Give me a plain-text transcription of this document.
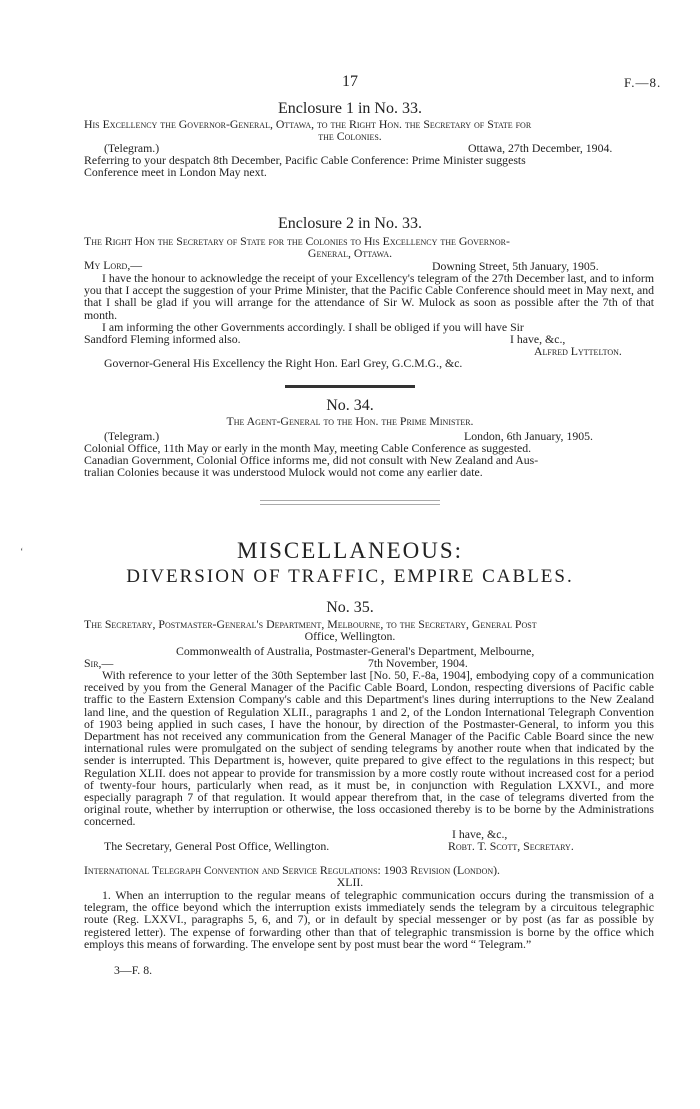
17	F.—8.
Enclosure 1 in No. 33.
His Excellency the Governor-General, Ottawa, to the Right Hon. the Secretary of State for
the Colonies.
(Telegram.)	Ottawa, 27th December, 1904.
Referring to your despatch 8th December, Pacific Cable Conference: Prime Minister suggests
Conference meet in London May next.
Enclosure 2 in No. 33.
The Right Hon the Secretary of State for the Colonies to His Excellency the Governor-
General, Ottawa.
My Lord,—	Downing Street, 5th January, 1905.
I have the honour to acknowledge the receipt of your Excellency's telegram of the 27th December last, and to inform you that I accept the suggestion of your Prime Minister, that the Pacific Cable Conference should meet in May next, and that I shall be glad if you will arrange for the attendance of Sir W. Mulock as soon as possible after the 7th of that month.
I am informing the other Governments accordingly. I shall be obliged if you will have Sir
Sandford Fleming informed also.	I have, &c.,
Alfred Lyttelton.
Governor-General His Excellency the Right Hon. Earl Grey, G.C.M.G., &c.
No. 34.
The Agent-General to the Hon. the Prime Minister.
(Telegram.)	London, 6th January, 1905.
Colonial Office, 11th May or early in the month May, meeting Cable Conference as suggested.
Canadian Government, Colonial Office informs me, did not consult with New Zealand and Aus-
tralian Colonies because it was understood Mulock would not come any earlier date.
‘	MISCELLANEOUS:
DIVERSION OF TRAFFIC, EMPIRE CABLES.
No. 35.
The Secretary, Postmaster-General's Department, Melbourne, to the Secretary, General Post
Office, Wellington.
Commonwealth of Australia, Postmaster-General's Department, Melbourne,
Sir,—	7th November, 1904.
With reference to your letter of the 30th September last [No. 50, F.-8a, 1904], embodying copy of a communication received by you from the General Manager of the Pacific Cable Board, London, respecting diversions of Pacific cable traffic to the Eastern Extension Company's cable and this Department's lines during interruptions to the New Zealand land line, and the question of Regulation XLII., paragraphs 1 and 2, of the London International Telegraph Convention of 1903 being applied in such cases, I have the honour, by direction of the Postmaster-General, to inform you this Department has not received any communication from the General Manager of the Pacific Cable Board since the new international rules were promulgated on the subject of sending telegrams by another route when that indicated by the sender is interrupted. This Department is, however, quite prepared to give effect to the regulations in this respect; but Regulation XLII. does not appear to provide for transmission by a more costly route without increased cost for a period of twenty-four hours, particularly when read, as it must be, in conjunction with Regulation LXXVI., and more especially paragraph 7 of that regulation. It would appear therefrom that, in the case of telegrams diverted from the original route, whether by interruption or otherwise, the loss occasioned thereby is to be borne by the Administrations concerned.
I have, &c.,
The Secretary, General Post Office, Wellington.	Robt. T. Scott, Secretary.
International Telegraph Convention and Service Regulations: 1903 Revision (London).
XLII.
1. When an interruption to the regular means of telegraphic communication occurs during the transmission of a telegram, the office beyond which the interruption exists immediately sends the telegram by a circuitous telegraphic route (Reg. LXXVI., paragraphs 5, 6, and 7), or in default by special messenger or by post (as far as possible by registered letter). The expense of forwarding other than that of telegraphic transmission is borne by the office which employs this means of forwarding. The envelope sent by post must bear the word “ Telegram.”
3—F. 8.
